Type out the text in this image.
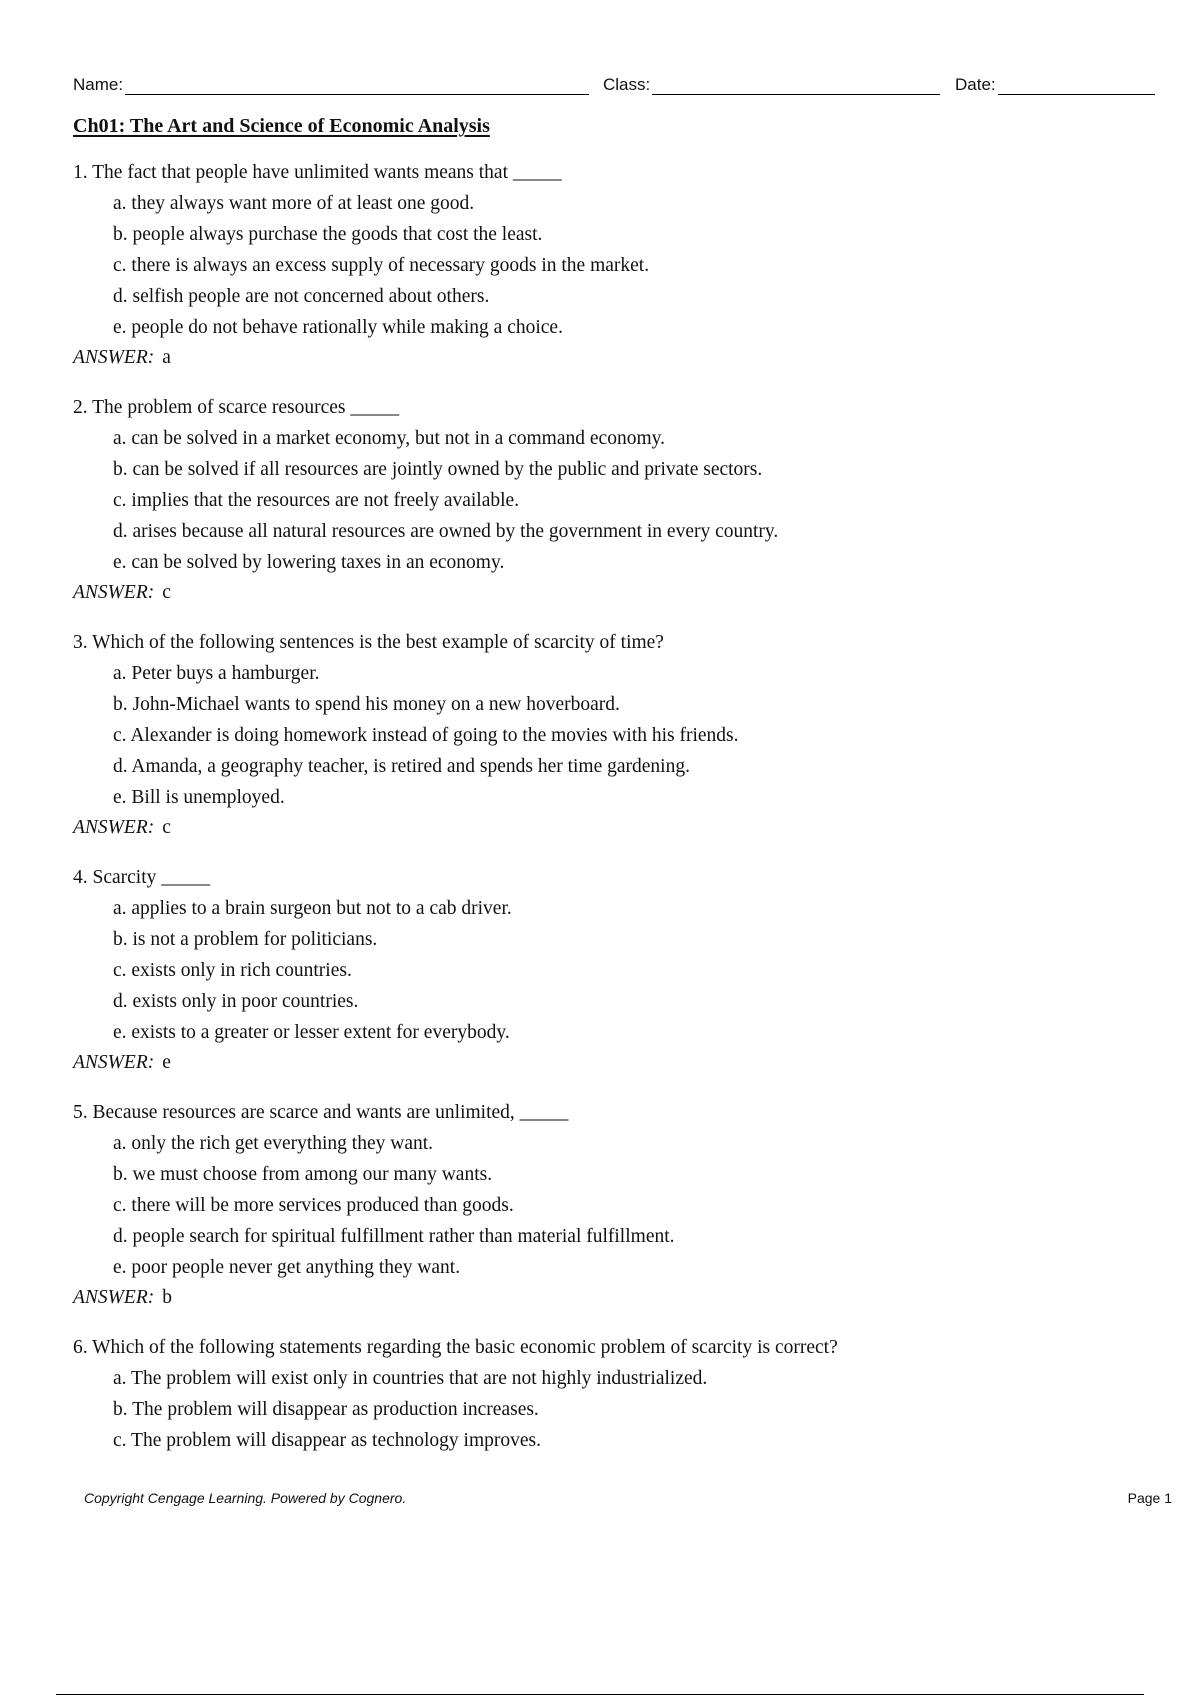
Name:	Class:	Date:
Ch01: The Art and Science of Economic Analysis
1. The fact that people have unlimited wants means that _____
a. they always want more of at least one good.
b. people always purchase the goods that cost the least.
c. there is always an excess supply of necessary goods in the market.
d. selfish people are not concerned about others.
e. people do not behave rationally while making a choice.
ANSWER: a
2. The problem of scarce resources _____
a. can be solved in a market economy, but not in a command economy.
b. can be solved if all resources are jointly owned by the public and private sectors.
c. implies that the resources are not freely available.
d. arises because all natural resources are owned by the government in every country.
e. can be solved by lowering taxes in an economy.
ANSWER: c
3. Which of the following sentences is the best example of scarcity of time?
a. Peter buys a hamburger.
b. John-Michael wants to spend his money on a new hoverboard.
c. Alexander is doing homework instead of going to the movies with his friends.
d. Amanda, a geography teacher, is retired and spends her time gardening.
e. Bill is unemployed.
ANSWER: c
4. Scarcity _____
a. applies to a brain surgeon but not to a cab driver.
b. is not a problem for politicians.
c. exists only in rich countries.
d. exists only in poor countries.
e. exists to a greater or lesser extent for everybody.
ANSWER: e
5. Because resources are scarce and wants are unlimited, _____
a. only the rich get everything they want.
b. we must choose from among our many wants.
c. there will be more services produced than goods.
d. people search for spiritual fulfillment rather than material fulfillment.
e. poor people never get anything they want.
ANSWER: b
6. Which of the following statements regarding the basic economic problem of scarcity is correct?
a. The problem will exist only in countries that are not highly industrialized.
b. The problem will disappear as production increases.
c. The problem will disappear as technology improves.
Copyright Cengage Learning. Powered by Cognero.	Page 1
